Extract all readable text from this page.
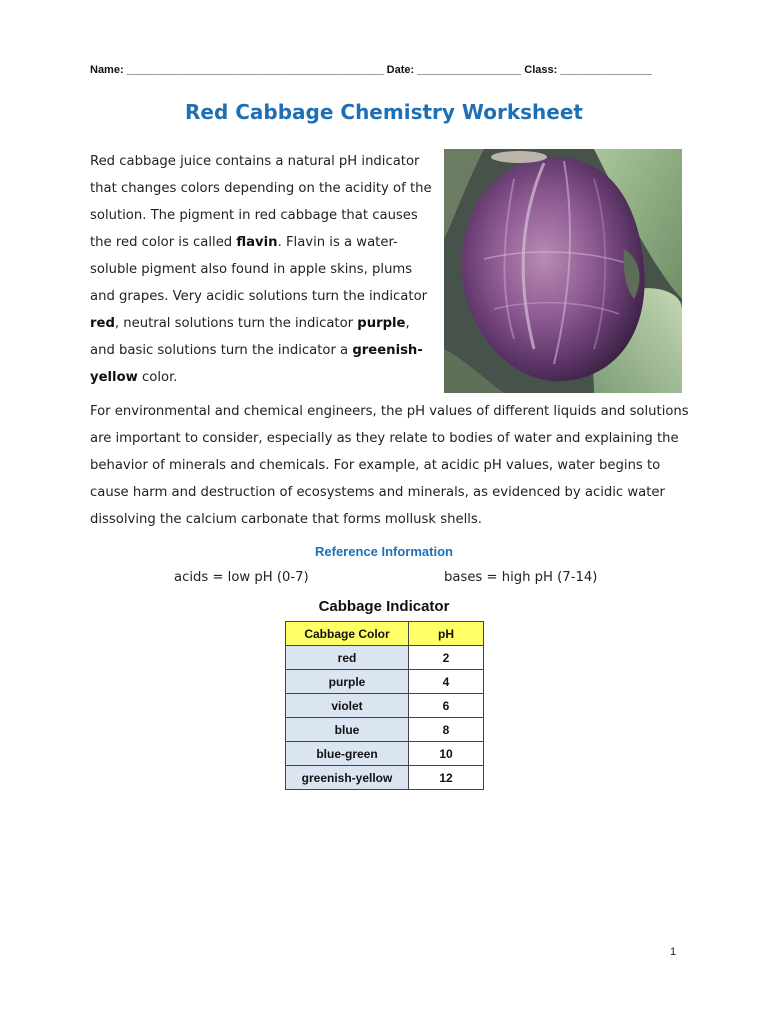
Name: __________________________________________ Date: _________________ Class: _______________
Red Cabbage Chemistry Worksheet
Red cabbage juice contains a natural pH indicator that changes colors depending on the acidity of the solution. The pigment in red cabbage that causes the red color is called flavin. Flavin is a water-soluble pigment also found in apple skins, plums and grapes. Very acidic solutions turn the indicator red, neutral solutions turn the indicator purple, and basic solutions turn the indicator a greenish-yellow color.
For environmental and chemical engineers, the pH values of different liquids and solutions are important to consider, especially as they relate to bodies of water and explaining the behavior of minerals and chemicals. For example, at acidic pH values, water begins to cause harm and destruction of ecosystems and minerals, as evidenced by acidic water dissolving the calcium carbonate that forms mollusk shells.
Reference Information
acids = low pH (0-7)	bases = high pH (7-14)
Cabbage Indicator
Cabbage Color	pH
red	2
purple	4
violet	6
blue	8
blue-green	10
greenish-yellow	12
1
